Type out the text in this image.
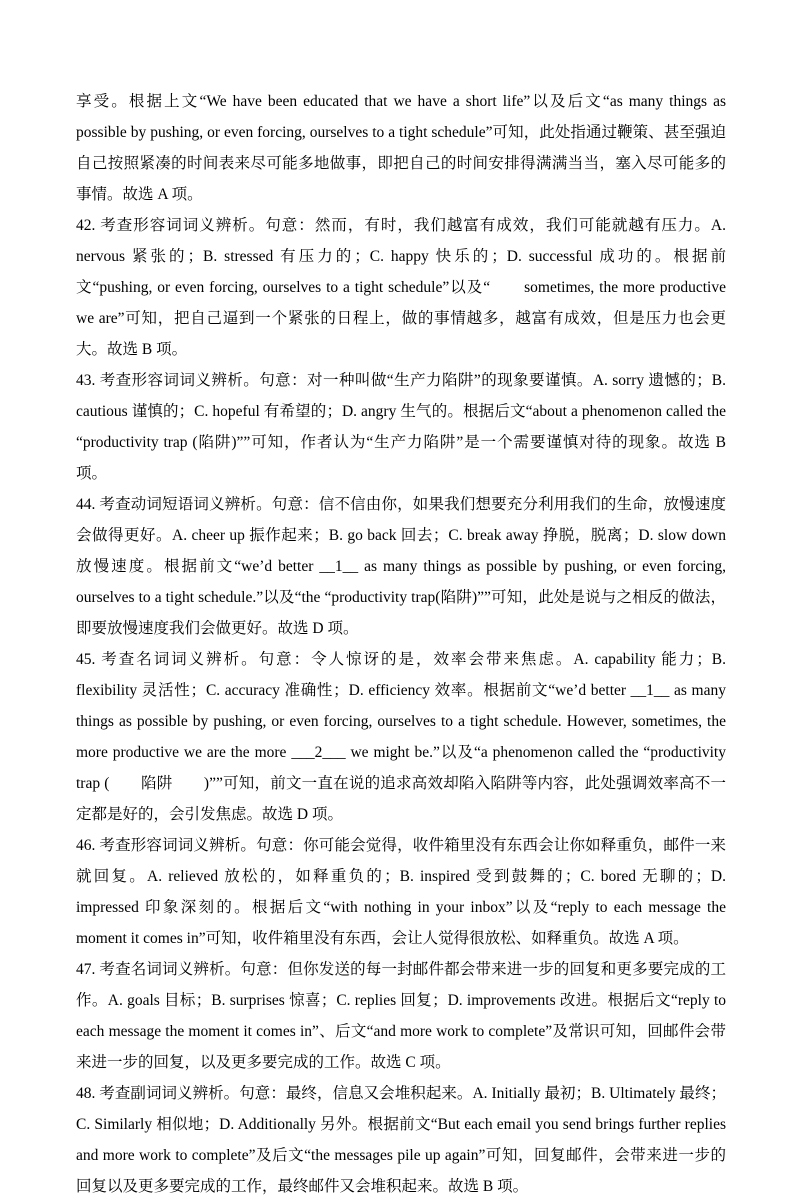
享受。根据上文“We have been educated that we have a short life”以及后文“as many things as possible by pushing, or even forcing, ourselves to a tight schedule”可知，此处指通过鞭策、甚至强迫自己按照紧凑的时间表来尽可能多地做事，即把自己的时间安排得满满当当，塞入尽可能多的事情。故选 A 项。

42. 考查形容词词义辨析。句意：然而，有时，我们越富有成效，我们可能就越有压力。A. nervous 紧张的；B. stressed 有压力的；C. happy 快乐的；D. successful 成功的。根据前文“pushing, or even forcing, ourselves to a tight schedule”以及“　　sometimes, the more productive we are”可知，把自己逼到一个紧张的日程上，做的事情越多，越富有成效，但是压力也会更大。故选 B 项。

43. 考查形容词词义辨析。句意：对一种叫做“生产力陷阱”的现象要谨慎。A. sorry 遗憾的；B. cautious 谨慎的；C. hopeful 有希望的；D. angry 生气的。根据后文“about a phenomenon called the “productivity trap (陷阱)””可知，作者认为“生产力陷阱”是一个需要谨慎对待的现象。故选 B 项。

44. 考查动词短语词义辨析。句意：信不信由你，如果我们想要充分利用我们的生命，放慢速度会做得更好。A. cheer up 振作起来；B. go back 回去；C. break away 挣脱，脱离；D. slow down 放慢速度。根据前文“we’d better __1__ as many things as possible by pushing, or even forcing, ourselves to a tight schedule.”以及“the “productivity trap(陷阱)””可知，此处是说与之相反的做法，即要放慢速度我们会做更好。故选 D 项。

45. 考查名词词义辨析。句意：令人惊讶的是，效率会带来焦虑。A. capability 能力；B. flexibility 灵活性；C. accuracy 准确性；D. efficiency 效率。根据前文“we’d better __1__ as many things as possible by pushing, or even forcing, ourselves to a tight schedule. However, sometimes, the more productive we are the more ___2___ we might be.”以及“a phenomenon called the “productivity trap (　　陷阱　　)””可知，前文一直在说的追求高效却陷入陷阱等内容，此处强调效率高不一定都是好的，会引发焦虑。故选 D 项。

46. 考查形容词词义辨析。句意：你可能会觉得，收件箱里没有东西会让你如释重负，邮件一来就回复。A. relieved 放松的，如释重负的；B. inspired 受到鼓舞的；C. bored 无聊的；D. impressed 印象深刻的。根据后文“with nothing in your inbox”以及“reply to each message the moment it comes in”可知，收件箱里没有东西，会让人觉得很放松、如释重负。故选 A 项。

47. 考查名词词义辨析。句意：但你发送的每一封邮件都会带来进一步的回复和更多要完成的工作。A. goals 目标；B. surprises 惊喜；C. replies 回复；D. improvements 改进。根据后文“reply to each message the moment it comes in”、后文“and more work to complete”及常识可知，回邮件会带来进一步的回复，以及更多要完成的工作。故选 C 项。

48. 考查副词词义辨析。句意：最终，信息又会堆积起来。A. Initially 最初；B. Ultimately 最终；C. Similarly 相似地；D. Additionally 另外。根据前文“But each email you send brings further replies and more work to complete”及后文“the messages pile up again”可知，回复邮件，会带来进一步的回复以及更多要完成的工作，最终邮件又会堆积起来。故选 B 项。
